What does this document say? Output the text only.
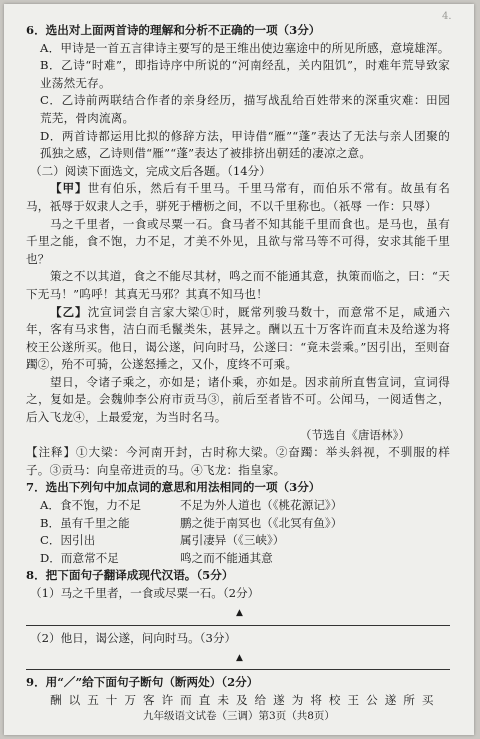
4．
6．选出对上面两首诗的理解和分析不正确的一项（3分）
A．甲诗是一首五言律诗主要写的是王维出使边塞途中的所见所感，意境雄浑。
B．乙诗“时难”，即指诗序中所说的“河南经乱，关内阻饥”，时难年荒导致家业荡然无存。
C．乙诗前两联结合作者的亲身经历，描写战乱给百姓带来的深重灾难：田园荒芜，骨肉流离。
D．两首诗都运用比拟的修辞方法，甲诗借“雁”“蓬”表达了无法与亲人团聚的孤独之感，乙诗则借“雁”“蓬”表达了被排挤出朝廷的凄凉之意。
（二）阅读下面选文，完成文后各题。（14分）
【甲】世有伯乐，然后有千里马。千里马常有，而伯乐不常有。故虽有名马，祇辱于奴隶人之手，骈死于槽枥之间，不以千里称也。（祇辱 一作：只辱）
马之千里者，一食或尽粟一石。食马者不知其能千里而食也。是马也，虽有千里之能，食不饱，力不足，才美不外见，且欲与常马等不可得，安求其能千里也？
策之不以其道，食之不能尽其材，鸣之而不能通其意，执策而临之，曰：“天下无马！”呜呼！其真无马邪？其真不知马也！
【乙】沈宣词尝自言家大梁①时，厩常列骏马数十，而意常不足，咸通六年，客有马求售，洁白而毛鬣类朱，甚异之。酬以五十万客许而直未及给遂为将校王公遂所买。他日，谒公遂，问向时马，公遂曰：“竟未尝乘。”因引出，至则奋躅②，殆不可骑，公遂怒捶之，又仆，度终不可乘。
望日，令诸子乘之，亦如是；诸仆乘，亦如是。因求前所直售宣词，宣词得之，复如是。会魏帅李公府市贡马③，前后至者皆不可。公闻马，一阅适售之，后入飞龙④，上最爱宠，为当时名马。
（节选自《唐语林》）
【注释】①大梁：今河南开封，古时称大梁。②奋躅：举头斜视，不驯服的样子。③贡马：向皇帝进贡的马。④飞龙：指皇家。
7．选出下列句中加点词的意思和用法相同的一项（3分）
A．食不饱，力不足	不足为外人道也（《桃花源记》）
B．虽有千里之能	鹏之徙于南冥也（《北冥有鱼》）
C．因引出	属引凄异（《三峡》）
D．而意常不足	鸣之而不能通其意
8．把下面句子翻译成现代汉语。（5分）
（1）马之千里者，一食或尽粟一石。（2分）
▲
（2）他日，谒公遂，问向时马。（3分）
▲
9．用“／”给下面句子断句（断两处）（2分）
酬以五十万客许而直未及给遂为将校王公遂所买
九年级语文试卷（三调）第3页（共8页）
